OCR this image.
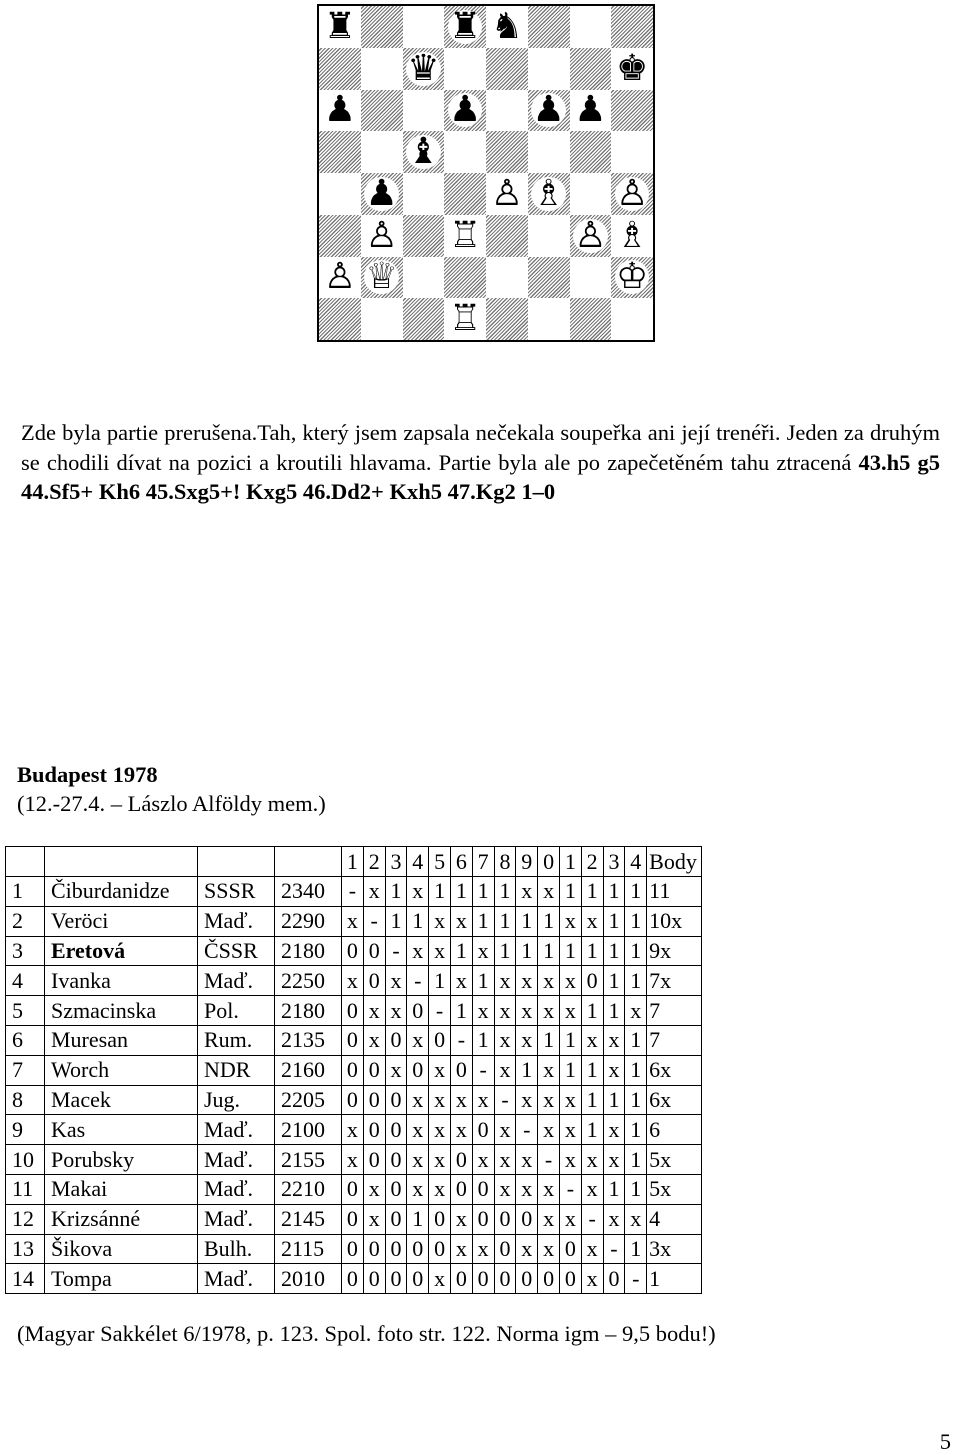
♜	♜ ♞
♛	♚
♟	♟ ♟ ♟
♝
♟	♙ ♗ ♙
♙ ♖	♙ ♗
♙ ♕	♔
♖

Zde byla partie prerušena.Tah, který jsem zapsala nečekala soupeřka ani její trenéři. Jeden za druhým se chodili dívat na pozici a kroutili hlavama. Partie byla ale po zapečetěném tahu ztracená 43.h5 g5 44.Sf5+ Kh6 45.Sxg5+! Kxg5 46.Dd2+ Kxh5 47.Kg2 1–0

Budapest 1978
(12.-27.4. – Lászlo Alföldy mem.)
				1	2	3	4	5	6	7	8	9	0	1	2	3	4	Body
1	Čiburdanidze	SSSR	2340	-	x	1	x	1	1	1	1	x	x	1	1	1	1	11
2	Veröci	Maď.	2290	x	-	1	1	x	x	1	1	1	1	x	x	1	1	10x
3	Eretová	ČSSR	2180	0	0	-	x	x	1	x	1	1	1	1	1	1	1	9x
4	Ivanka	Maď.	2250	x	0	x	-	1	x	1	x	x	x	x	0	1	1	7x
5	Szmacinska	Pol.	2180	0	x	x	0	-	1	x	x	x	x	x	1	1	x	7
6	Muresan	Rum.	2135	0	x	0	x	0	-	1	x	x	1	1	x	x	1	7
7	Worch	NDR	2160	0	0	x	0	x	0	-	x	1	x	1	1	x	1	6x
8	Macek	Jug.	2205	0	0	0	x	x	x	x	-	x	x	x	1	1	1	6x
9	Kas	Maď.	2100	x	0	0	x	x	x	0	x	-	x	x	1	x	1	6
10	Porubsky	Maď.	2155	x	0	0	x	x	0	x	x	x	-	x	x	x	1	5x
11	Makai	Maď.	2210	0	x	0	x	x	0	0	x	x	x	-	x	1	1	5x
12	Krizsánné	Maď.	2145	0	x	0	1	0	x	0	0	0	x	x	-	x	x	4
13	Šikova	Bulh.	2115	0	0	0	0	0	x	x	0	x	x	0	x	-	1	3x
14	Tompa	Maď.	2010	0	0	0	0	x	0	0	0	0	0	0	x	0	-	1
(Magyar Sakkélet 6/1978, p. 123. Spol. foto str. 122. Norma igm – 9,5 bodu!)
5
